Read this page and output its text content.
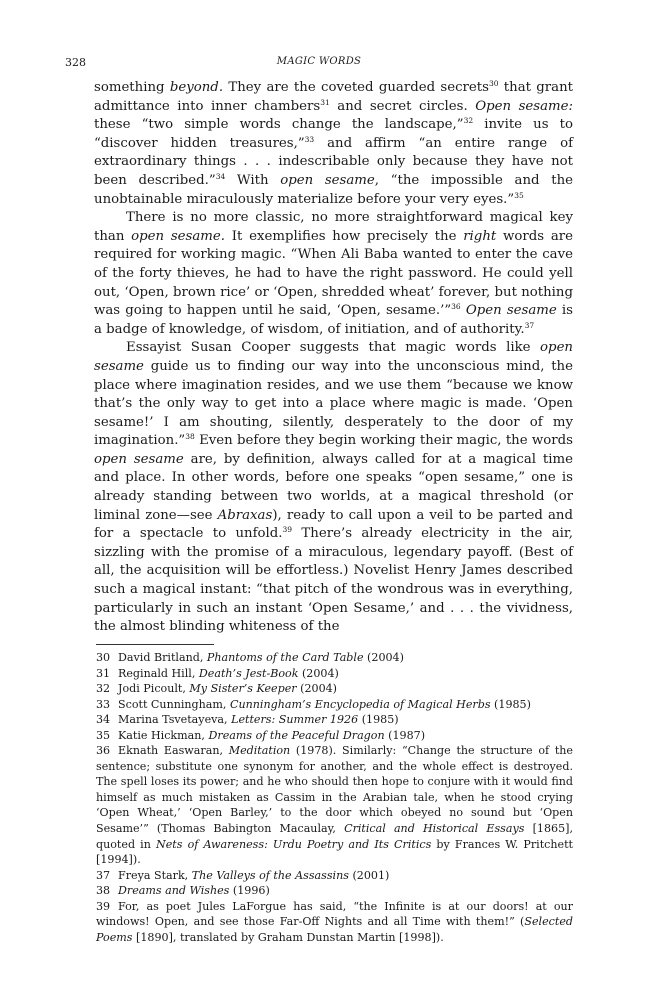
328	MAGIC WORDS

something beyond. They are the coveted guarded secrets$^{30}$ that grant admittance into inner chambers$^{31}$ and secret circles. Open sesame: these “two simple words change the landscape,”$^{32}$ invite us to “discover hidden treasures,”$^{33}$ and affirm “an entire range of extraordinary things . . . indescribable only because they have not been described.”$^{34}$ With open sesame, “the impossible and the unobtainable miraculously materialize before your very eyes.”$^{35}$

There is no more classic, no more straightforward magical key than open sesame. It exemplifies how precisely the right words are required for working magic. “When Ali Baba wanted to enter the cave of the forty thieves, he had to have the right password. He could yell out, ‘Open, brown rice’ or ‘Open, shredded wheat’ forever, but nothing was going to happen until he said, ‘Open, sesame.’”$^{36}$ Open sesame is a badge of knowledge, of wisdom, of initiation, and of authority.$^{37}$

Essayist Susan Cooper suggests that magic words like open sesame guide us to finding our way into the unconscious mind, the place where imagination resides, and we use them “because we know that’s the only way to get into a place where magic is made. ‘Open sesame!’ I am shouting, silently, desperately to the door of my imagination.”$^{38}$ Even before they begin working their magic, the words open sesame are, by definition, always called for at a magical time and place. In other words, before one speaks “open sesame,” one is already standing between two worlds, at a magical threshold (or liminal zone—see Abraxas), ready to call upon a veil to be parted and for a spectacle to unfold.$^{39}$ There’s already electricity in the air, sizzling with the promise of a miraculous, legendary payoff. (Best of all, the acquisition will be effortless.) Novelist Henry James described such a magical instant: “that pitch of the wondrous was in everything, particularly in such an instant ‘Open Sesame,’ and . . . the vividness, the almost blinding whiteness of the

30 David Britland, Phantoms of the Card Table (2004)

31 Reginald Hill, Death’s Jest-Book (2004)

32 Jodi Picoult, My Sister’s Keeper (2004)

33 Scott Cunningham, Cunningham’s Encyclopedia of Magical Herbs (1985)

34 Marina Tsvetayeva, Letters: Summer 1926 (1985)

35 Katie Hickman, Dreams of the Peaceful Dragon (1987)

36 Eknath Easwaran, Meditation (1978). Similarly: “Change the structure of the sentence; substitute one synonym for another, and the whole effect is destroyed. The spell loses its power; and he who should then hope to conjure with it would find himself as much mistaken as Cassim in the Arabian tale, when he stood crying ‘Open Wheat,’ ‘Open Barley,’ to the door which obeyed no sound but ‘Open Sesame’” (Thomas Babington Macaulay, Critical and Historical Essays [1865], quoted in Nets of Awareness: Urdu Poetry and Its Critics by Frances W. Pritchett [1994]).

37 Freya Stark, The Valleys of the Assassins (2001)

38 Dreams and Wishes (1996)

39 For, as poet Jules LaForgue has said, “the Infinite is at our doors! at our windows! Open, and see those Far-Off Nights and all Time with them!” (Selected Poems [1890], translated by Graham Dunstan Martin [1998]).
